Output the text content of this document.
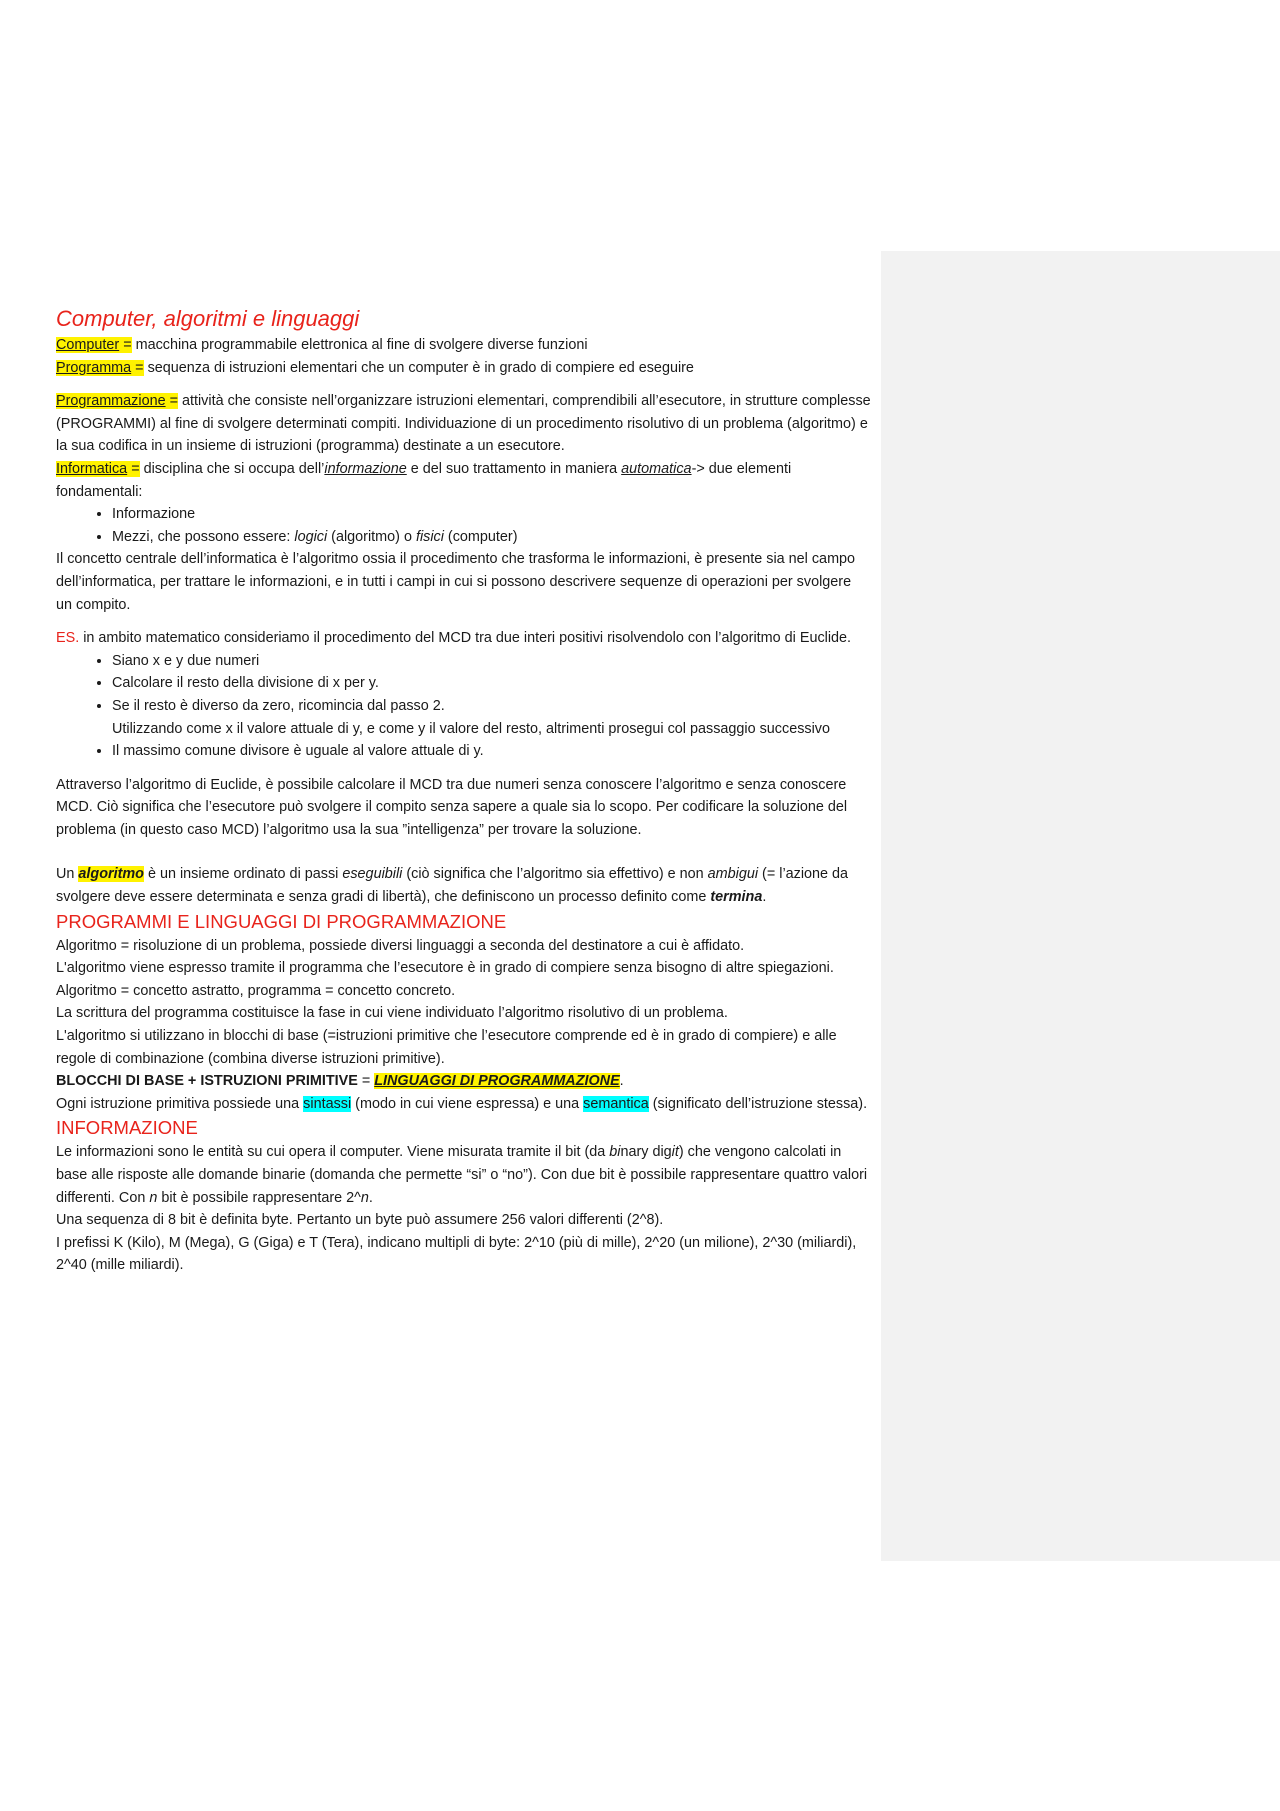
Computer, algoritmi e linguaggi

Computer = macchina programmabile elettronica al fine di svolgere diverse funzioni

Programma = sequenza di istruzioni elementari che un computer è in grado di compiere ed eseguire

Programmazione = attività che consiste nell’organizzare istruzioni elementari, comprendibili all’esecutore, in strutture complesse (PROGRAMMI) al fine di svolgere determinati compiti. Individuazione di un procedimento risolutivo di un problema (algoritmo) e la sua codifica in un insieme di istruzioni (programma) destinate a un esecutore.

Informatica = disciplina che si occupa dell’informazione e del suo trattamento in maniera automatica-> due elementi fondamentali:

• Informazione
• Mezzi, che possono essere: logici (algoritmo) o fisici (computer)

Il concetto centrale dell’informatica è l’algoritmo ossia il procedimento che trasforma le informazioni, è presente sia nel campo dell’informatica, per trattare le informazioni, e in tutti i campi in cui si possono descrivere sequenze di operazioni per svolgere un compito.

ES. in ambito matematico consideriamo il procedimento del MCD tra due interi positivi risolvendolo con l’algoritmo di Euclide.

• Siano x e y due numeri
• Calcolare il resto della divisione di x per y.
• Se il resto è diverso da zero, ricomincia dal passo 2.
Utilizzando come x il valore attuale di y, e come y il valore del resto, altrimenti prosegui col passaggio successivo
• Il massimo comune divisore è uguale al valore attuale di y.

Attraverso l’algoritmo di Euclide, è possibile calcolare il MCD tra due numeri senza conoscere l’algoritmo e senza conoscere MCD. Ciò significa che l’esecutore può svolgere il compito senza sapere a quale sia lo scopo. Per codificare la soluzione del problema (in questo caso MCD) l’algoritmo usa la sua ”intelligenza” per trovare la soluzione.

Un algoritmo è un insieme ordinato di passi eseguibili (ciò significa che l’algoritmo sia effettivo) e non ambigui (= l’azione da svolgere deve essere determinata e senza gradi di libertà), che definiscono un processo definito come termina.

PROGRAMMI E LINGUAGGI DI PROGRAMMAZIONE

Algoritmo = risoluzione di un problema, possiede diversi linguaggi a seconda del destinatore a cui è affidato.

L'algoritmo viene espresso tramite il programma che l’esecutore è in grado di compiere senza bisogno di altre spiegazioni.

Algoritmo = concetto astratto, programma = concetto concreto.

La scrittura del programma costituisce la fase in cui viene individuato l’algoritmo risolutivo di un problema.

L'algoritmo si utilizzano in blocchi di base (=istruzioni primitive che l’esecutore comprende ed è in grado di compiere) e alle regole di combinazione (combina diverse istruzioni primitive).

BLOCCHI DI BASE + ISTRUZIONI PRIMITIVE = LINGUAGGI DI PROGRAMMAZIONE.

Ogni istruzione primitiva possiede una sintassi (modo in cui viene espressa) e una semantica (significato dell’istruzione stessa).

INFORMAZIONE

Le informazioni sono le entità su cui opera il computer. Viene misurata tramite il bit (da binary digit) che vengono calcolati in base alle risposte alle domande binarie (domanda che permette “si” o “no”). Con due bit è possibile rappresentare quattro valori differenti. Con n bit è possibile rappresentare 2^n.

Una sequenza di 8 bit è definita byte. Pertanto un byte può assumere 256 valori differenti (2^8).

I prefissi K (Kilo), M (Mega), G (Giga) e T (Tera), indicano multipli di byte: 2^10 (più di mille), 2^20 (un milione), 2^30 (miliardi), 2^40 (mille miliardi).
